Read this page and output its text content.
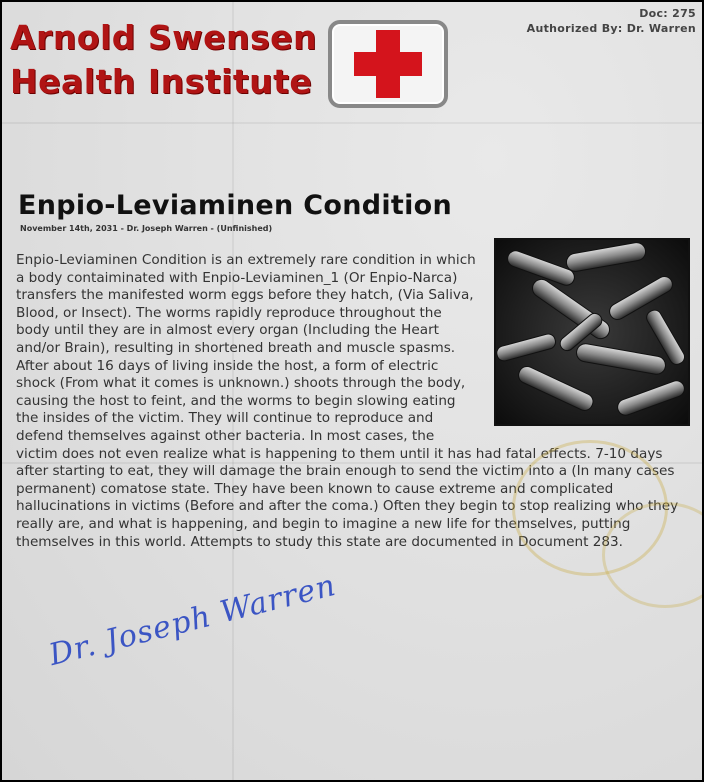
Arnold Swensen
Health Institute
Doc: 275
Authorized By: Dr. Warren
Enpio-Leviaminen Condition
November 14th, 2031 - Dr. Joseph Warren - (Unfinished)
Enpio-Leviaminen Condition is an extremely rare condition in which a body contaiminated with Enpio-Leviaminen_1 (Or Enpio-Narca) transfers the manifested worm eggs before they hatch, (Via Saliva, Blood, or Insect). The worms rapidly reproduce throughout the body until they are in almost every organ (Including the Heart and/or Brain), resulting in shortened breath and muscle spasms. After about 16 days of living inside the host, a form of electric shock (From what it comes is unknown.) shoots through the body, causing the host to feint, and the worms to begin slowing eating the insides of the victim. They will continue to reproduce and defend themselves against other bacteria. In most cases, the victim does not even realize what is happening to them until it has had fatal effects. 7-10 days after starting to eat, they will damage the brain enough to send the victim into a (In many cases permanent) comatose state. They have been known to cause extreme and complicated hallucinations in victims (Before and after the coma.) Often they begin to stop realizing who they really are, and what is happening, and begin to imagine a new life for themselves, putting themselves in this world. Attempts to study this state are documented in Document 283.
Dr. Joseph Warren
